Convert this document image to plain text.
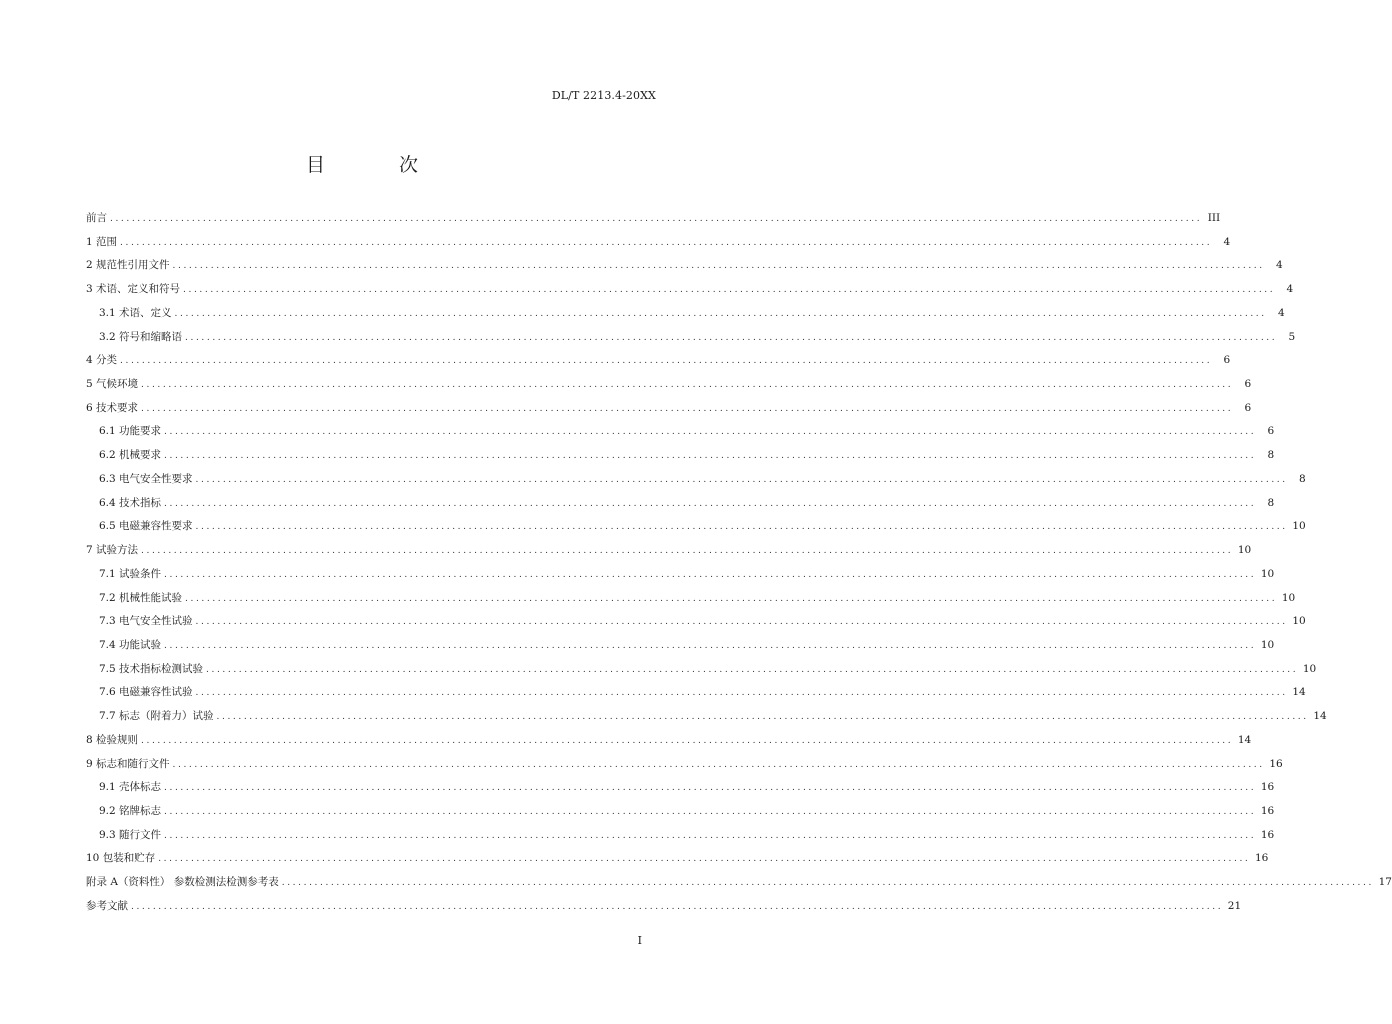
DL/T 2213.4-20XX
目 次
前言 ........................................................................................................................................................................................................ III
1 范围 ........................................................................................................................................................................................................	4
2 规范性引用文件 ........................................................................................................................................................................................................	4
3 术语、定义和符号 ........................................................................................................................................................................................................	4
3.1 术语、定义 ........................................................................................................................................................................................................	4
3.2 符号和缩略语 ........................................................................................................................................................................................................	5
4 分类 ........................................................................................................................................................................................................	6
5 气候环境 ........................................................................................................................................................................................................	6
6 技术要求 ........................................................................................................................................................................................................	6
6.1 功能要求 ........................................................................................................................................................................................................	6
6.2 机械要求 ........................................................................................................................................................................................................	8
6.3 电气安全性要求 ........................................................................................................................................................................................................	8
6.4 技术指标 ........................................................................................................................................................................................................	8
6.5 电磁兼容性要求 ........................................................................................................................................................................................................ 10
7 试验方法 ........................................................................................................................................................................................................ 10
7.1 试验条件 ........................................................................................................................................................................................................ 10
7.2 机械性能试验 ........................................................................................................................................................................................................ 10
7.3 电气安全性试验 ........................................................................................................................................................................................................ 10
7.4 功能试验 ........................................................................................................................................................................................................ 10
7.5 技术指标检测试验 ........................................................................................................................................................................................................ 10
7.6 电磁兼容性试验 ........................................................................................................................................................................................................ 14
7.7 标志（附着力）试验 ........................................................................................................................................................................................................ 14
8 检验规则 ........................................................................................................................................................................................................ 14
9 标志和随行文件 ........................................................................................................................................................................................................ 16
9.1 壳体标志 ........................................................................................................................................................................................................ 16
9.2 铭牌标志 ........................................................................................................................................................................................................ 16
9.3 随行文件 ........................................................................................................................................................................................................ 16
10 包装和贮存 ........................................................................................................................................................................................................ 16
附录 A（资料性） 参数检测法检测参考表 ........................................................................................................................................................................................................ 17
参考文献 ........................................................................................................................................................................................................ 21
I
